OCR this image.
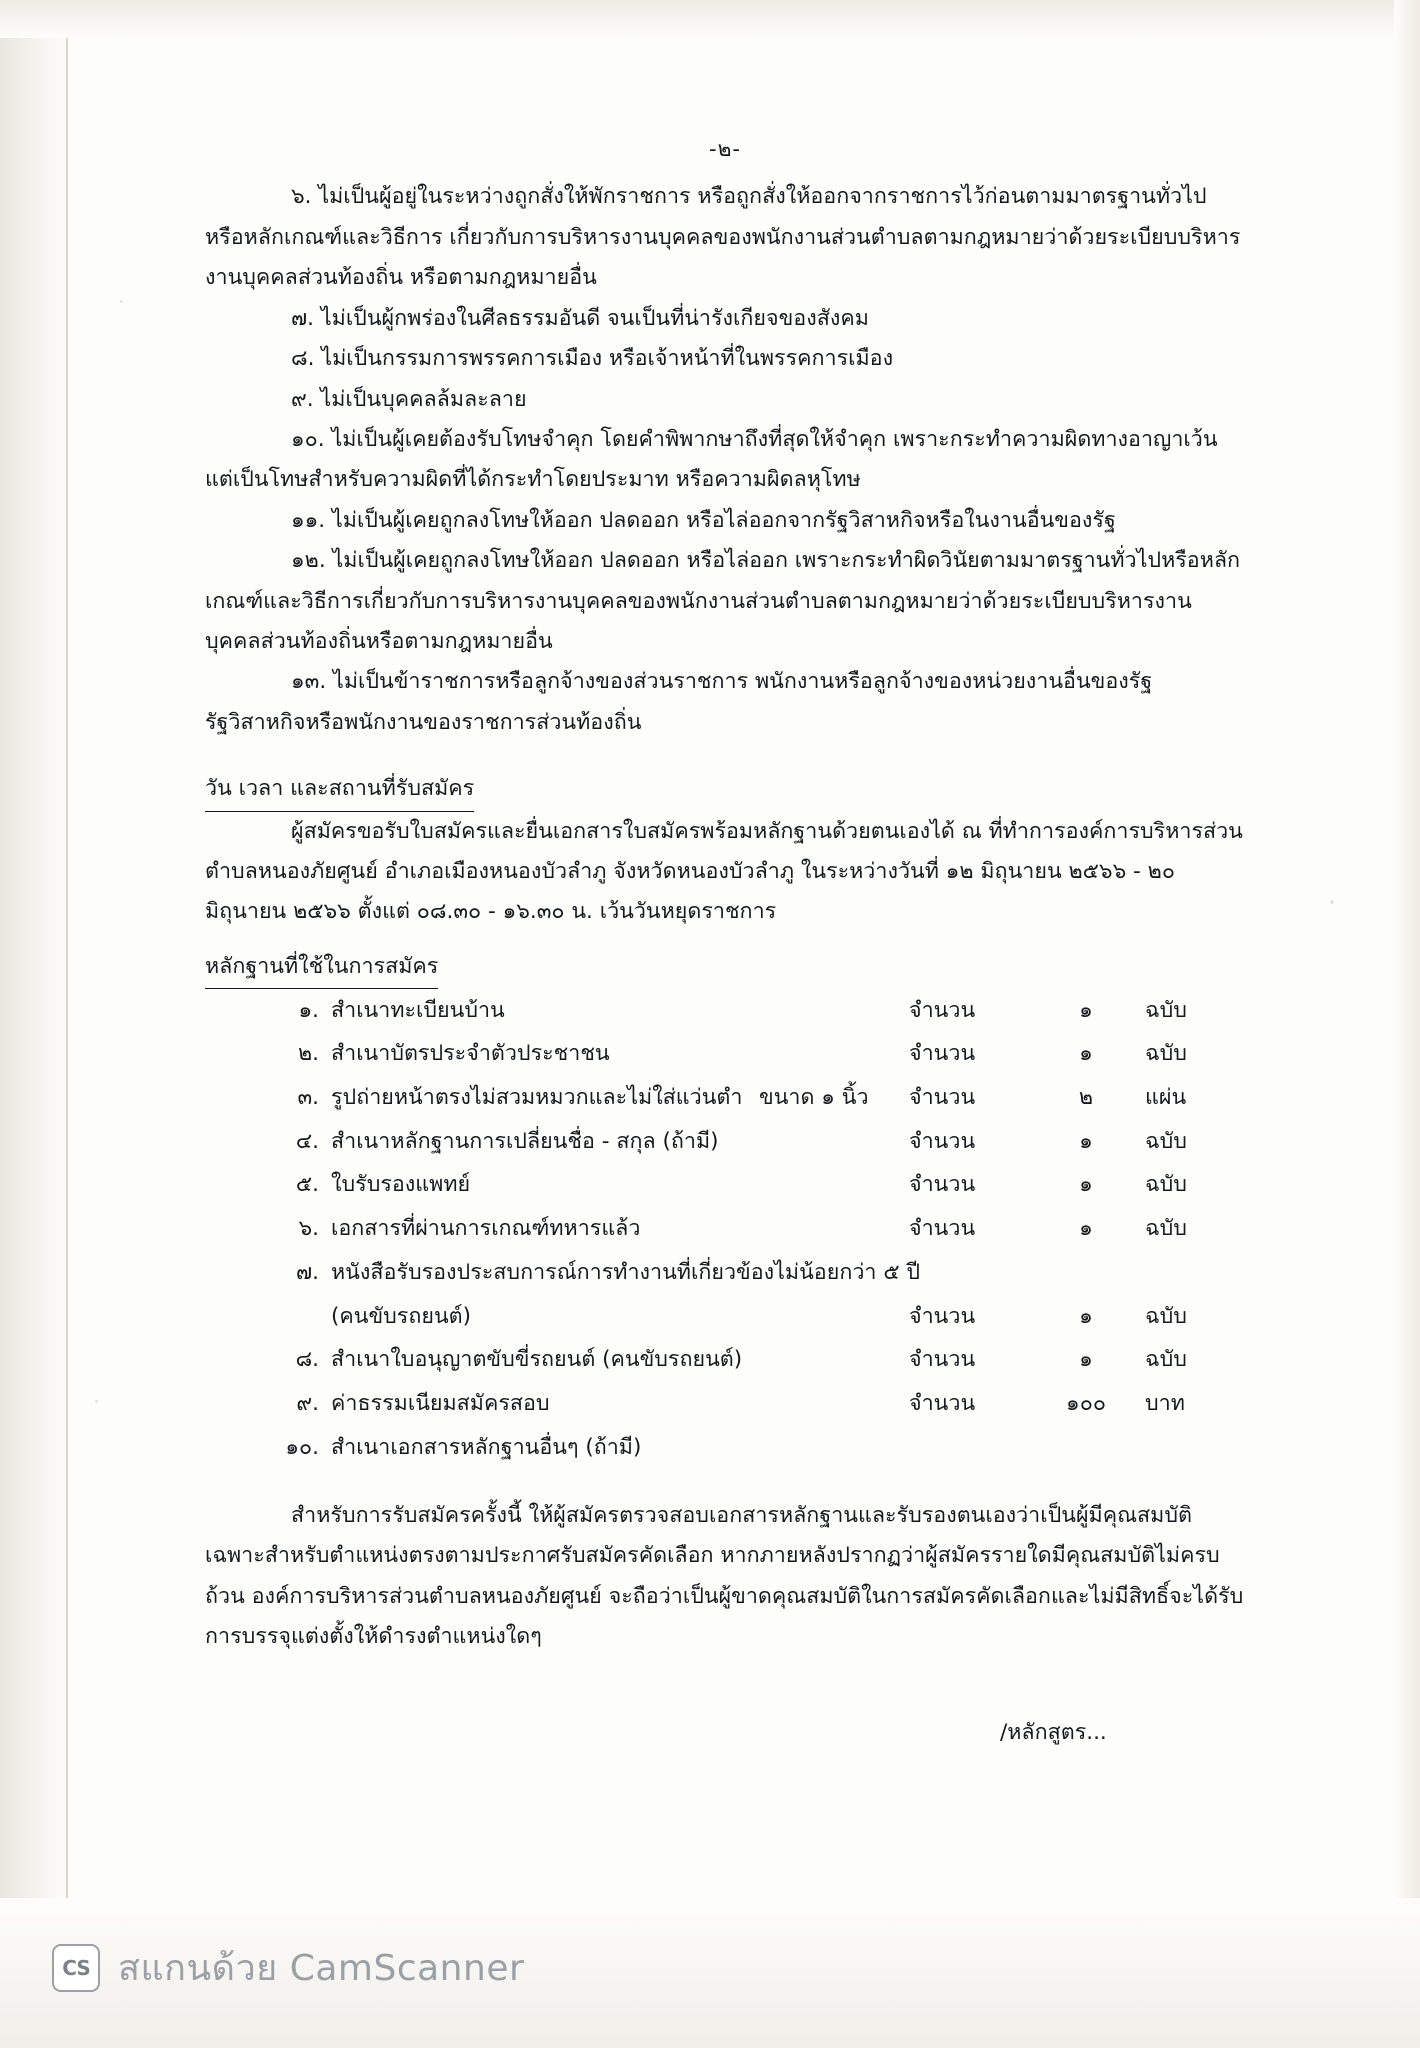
-๒-

๖. ไม่เป็นผู้อยู่ในระหว่างถูกสั่งให้พักราชการ หรือถูกสั่งให้ออกจากราชการไว้ก่อนตามมาตรฐานทั่วไป หรือหลักเกณฑ์และวิธีการ เกี่ยวกับการบริหารงานบุคคลของพนักงานส่วนตำบลตามกฎหมายว่าด้วยระเบียบบริหารงานบุคคลส่วนท้องถิ่น หรือตามกฎหมายอื่น

๗. ไม่เป็นผู้กพร่องในศีลธรรมอันดี จนเป็นที่น่ารังเกียจของสังคม

๘. ไม่เป็นกรรมการพรรคการเมือง หรือเจ้าหน้าที่ในพรรคการเมือง

๙. ไม่เป็นบุคคลล้มละลาย

๑๐. ไม่เป็นผู้เคยต้องรับโทษจำคุก โดยคำพิพากษาถึงที่สุดให้จำคุก เพราะกระทำความผิดทางอาญาเว้นแต่เป็นโทษสำหรับความผิดที่ได้กระทำโดยประมาท หรือความผิดลหุโทษ

๑๑. ไม่เป็นผู้เคยถูกลงโทษให้ออก ปลดออก หรือไล่ออกจากรัฐวิสาหกิจหรือในงานอื่นของรัฐ

๑๒. ไม่เป็นผู้เคยถูกลงโทษให้ออก ปลดออก หรือไล่ออก เพราะกระทำผิดวินัยตามมาตรฐานทั่วไปหรือหลักเกณฑ์และวิธีการเกี่ยวกับการบริหารงานบุคคลของพนักงานส่วนตำบลตามกฎหมายว่าด้วยระเบียบบริหารงานบุคคลส่วนท้องถิ่นหรือตามกฎหมายอื่น

๑๓. ไม่เป็นข้าราชการหรือลูกจ้างของส่วนราชการ พนักงานหรือลูกจ้างของหน่วยงานอื่นของรัฐรัฐวิสาหกิจหรือพนักงานของราชการส่วนท้องถิ่น

วัน เวลา และสถานที่รับสมัคร

ผู้สมัครขอรับใบสมัครและยื่นเอกสารใบสมัครพร้อมหลักฐานด้วยตนเองได้ ณ ที่ทำการองค์การบริหารส่วนตำบลหนองภัยศูนย์ อำเภอเมืองหนองบัวลำภู จังหวัดหนองบัวลำภู ในระหว่างวันที่ ๑๒ มิถุนายน ๒๕๖๖ - ๒๐ มิถุนายน ๒๕๖๖ ตั้งแต่ ๐๘.๓๐ - ๑๖.๓๐ น. เว้นวันหยุดราชการ

หลักฐานที่ใช้ในการสมัคร

๑.	สำเนาทะเบียนบ้าน		จำนวน	๑	ฉบับ
๒.	สำเนาบัตรประจำตัวประชาชน		จำนวน	๑	ฉบับ
๓.	รูปถ่ายหน้าตรงไม่สวมหมวกและไม่ใส่แว่นตำ	ขนาด ๑ นิ้ว	จำนวน	๒	แผ่น
๔.	สำเนาหลักฐานการเปลี่ยนชื่อ - สกุล (ถ้ามี)		จำนวน	๑	ฉบับ
๕.	ใบรับรองแพทย์		จำนวน	๑	ฉบับ
๖.	เอกสารที่ผ่านการเกณฑ์ทหารแล้ว		จำนวน	๑	ฉบับ
๗.	หนังสือรับรองประสบการณ์การทำงานที่เกี่ยวข้องไม่น้อยกว่า ๕ ปี				
	(คนขับรถยนต์)		จำนวน	๑	ฉบับ
๘.	สำเนาใบอนุญาตขับขี่รถยนต์ (คนขับรถยนต์)		จำนวน	๑	ฉบับ
๙.	ค่าธรรมเนียมสมัครสอบ		จำนวน	๑๐๐	บาท
๑๐.	สำเนาเอกสารหลักฐานอื่นๆ (ถ้ามี)				

สำหรับการรับสมัครครั้งนี้ ให้ผู้สมัครตรวจสอบเอกสารหลักฐานและรับรองตนเองว่าเป็นผู้มีคุณสมบัติเฉพาะสำหรับตำแหน่งตรงตามประกาศรับสมัครคัดเลือก หากภายหลังปรากฏว่าผู้สมัครรายใดมีคุณสมบัติไม่ครบถ้วน องค์การบริหารส่วนตำบลหนองภัยศูนย์ จะถือว่าเป็นผู้ขาดคุณสมบัติในการสมัครคัดเลือกและไม่มีสิทธิ์จะได้รับการบรรจุแต่งตั้งให้ดำรงตำแหน่งใดๆ

/หลักสูตร...
CS สแกนด้วย CamScanner
